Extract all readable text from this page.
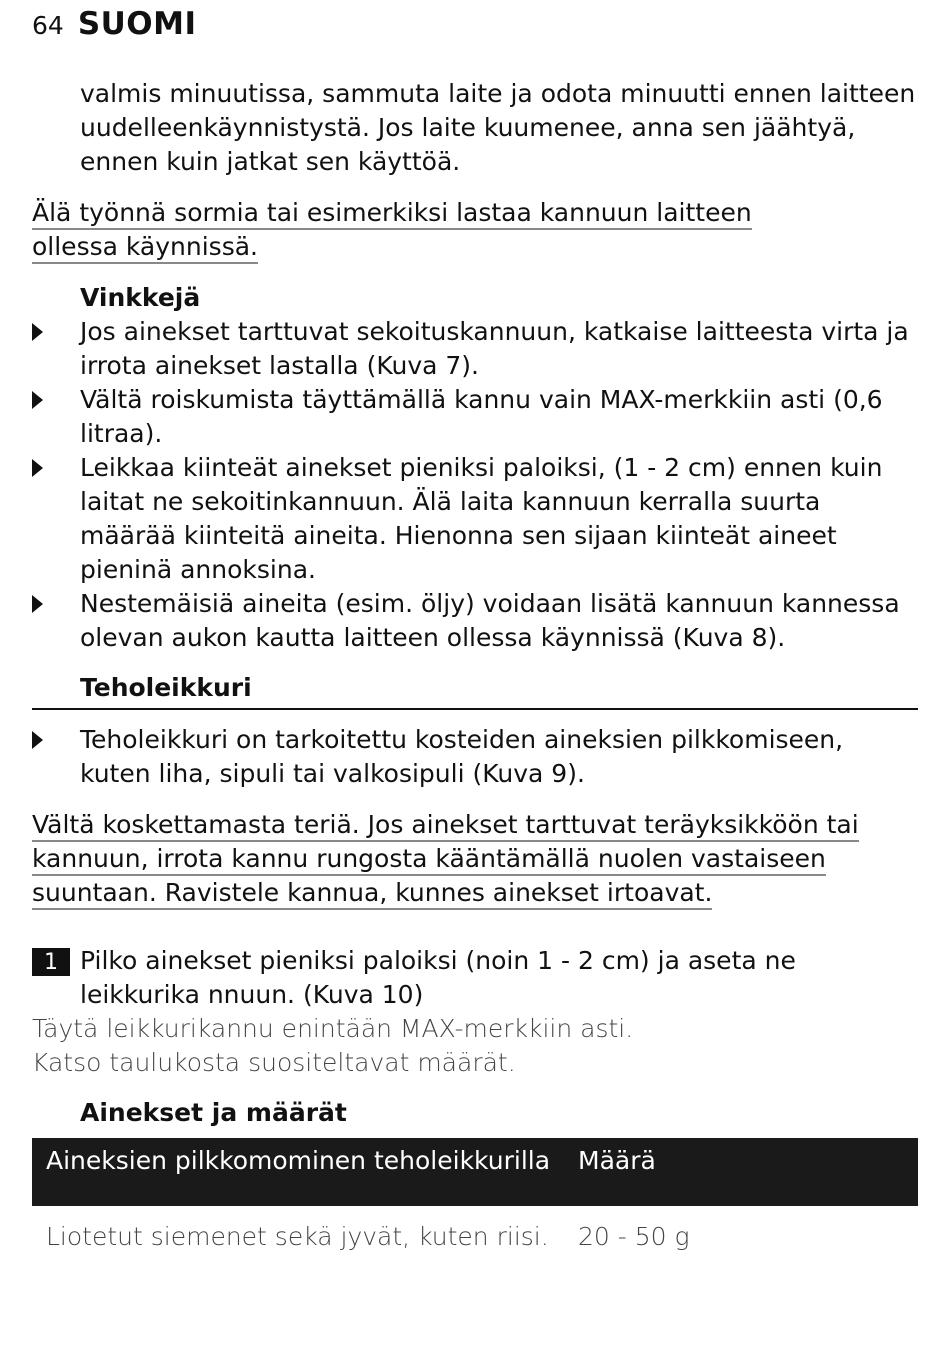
64 SUOMI
valmis minuutissa, sammuta laite ja odota minuutti ennen laitteen uudelleenkäynnistystä. Jos laite kuumenee, anna sen jäähtyä, ennen kuin jatkat sen käyttöä.
Älä työnnä sormia tai esimerkiksi lastaa kannuun laitteen ollessa käynnissä.
Vinkkejä
Jos ainekset tarttuvat sekoituskannuun, katkaise laitteesta virta ja irrota ainekset lastalla (Kuva 7).
Vältä roiskumista täyttämällä kannu vain MAX-merkkiin asti (0,6 litraa).
Leikkaa kiinteät ainekset pieniksi paloiksi, (1 - 2 cm) ennen kuin laitat ne sekoitinkannuun. Älä laita kannuun kerralla suurta määrää kiinteitä aineita. Hienonna sen sijaan kiinteät aineet pieninä annoksina.
Nestemäisiä aineita (esim. öljy) voidaan lisätä kannuun kannessa olevan aukon kautta laitteen ollessa käynnissä (Kuva 8).
Teholeikkuri
Teholeikkuri on tarkoitettu kosteiden aineksien pilkkomiseen, kuten liha, sipuli tai valkosipuli (Kuva 9).
Vältä koskettamasta teriä. Jos ainekset tarttuvat teräyksikköön tai kannuun, irrota kannu rungosta kääntämällä nuolen vastaiseen suuntaan. Ravistele kannua, kunnes ainekset irtoavat.
1 Pilko ainekset pieniksi paloiksi (noin 1 - 2 cm) ja aseta ne leikkurika nnuun. (Kuva 10)
Täytä leikkurikannu enintään MAX-merkkiin asti.
Katso taulukosta suositeltavat määrät.
Ainekset ja määrät
Aineksien pilkkomominen teholeikkurilla	Määrä
Liotetut siemenet sekä jyvät, kuten riisi.	20 - 50 g
